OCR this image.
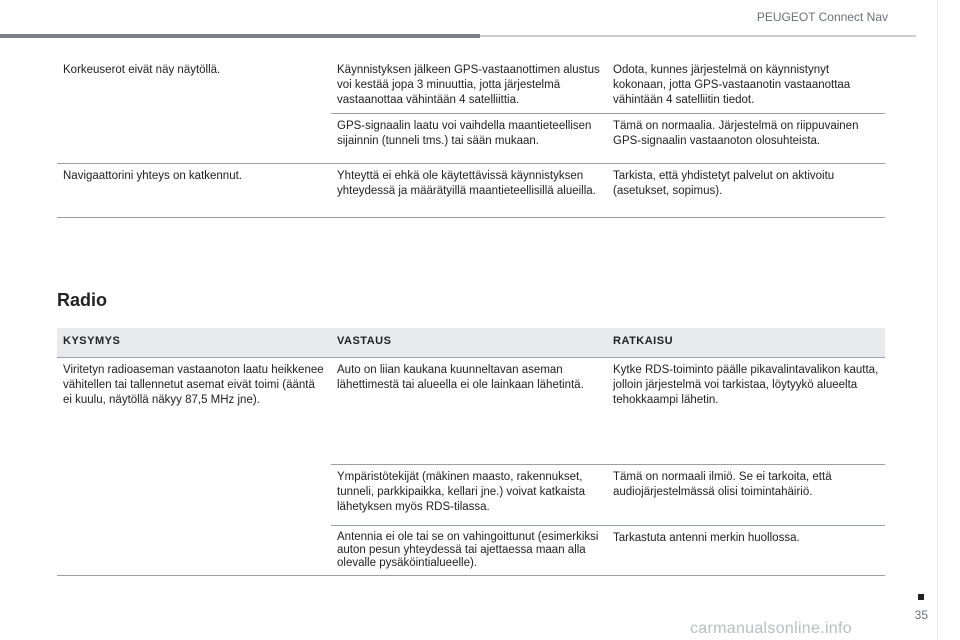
PEUGEOT Connect Nav
Korkeuserot eivät näy näytöllä.	Käynnistyksen jälkeen GPS-vastaanottimen alustus voi kestää jopa 3 minuuttia, jotta järjestelmä vastaanottaa vähintään 4 satelliittia.	Odota, kunnes järjestelmä on käynnistynyt kokonaan, jotta GPS-vastaanotin vastaanottaa vähintään 4 satelliitin tiedot.
	GPS-signaalin laatu voi vaihdella maantieteellisen sijainnin (tunneli tms.) tai sään mukaan.	Tämä on normaalia. Järjestelmä on riippuvainen GPS-signaalin vastaanoton olosuhteista.
Navigaattorini yhteys on katkennut.	Yhteyttä ei ehkä ole käytettävissä käynnistyksen yhteydessä ja määrätyillä maantieteellisillä alueilla.	Tarkista, että yhdistetyt palvelut on aktivoitu (asetukset, sopimus).
Radio
KYSYMYS	VASTAUS	RATKAISU
Viritetyn radioaseman vastaanoton laatu heikkenee vähitellen tai tallennetut asemat eivät toimi (ääntä ei kuulu, näytöllä näkyy 87,5 MHz jne).	Auto on liian kaukana kuunneltavan aseman lähettimestä tai alueella ei ole lainkaan lähetintä.	Kytke RDS-toiminto päälle pikavalintavalikon kautta, jolloin järjestelmä voi tarkistaa, löytyykö alueelta tehokkaampi lähetin.
	Ympäristötekijät (mäkinen maasto, rakennukset, tunneli, parkkipaikka, kellari jne.) voivat katkaista lähetyksen myös RDS-tilassa.	Tämä on normaali ilmiö. Se ei tarkoita, että audiojärjestelmässä olisi toimintahäiriö.
	Antennia ei ole tai se on vahingoittunut (esimerkiksi auton pesun yhteydessä tai ajettaessa maan alla olevalle pysäköintialueelle).	Tarkastuta antenni merkin huollossa.
35
carmanualsonline.info
